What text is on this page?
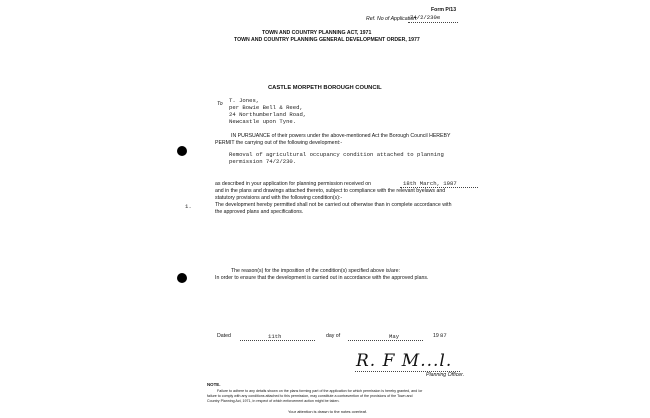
Form P/13
Ref. No of Application:
74/2/230e
TOWN AND COUNTRY PLANNING ACT, 1971
TOWN AND COUNTRY PLANNING GENERAL DEVELOPMENT ORDER, 1977
CASTLE MORPETH BOROUGH COUNCIL
To T. Jones,
per Bowie Bell & Reed,
24 Northumberland Road,
Newcastle upon Tyne.
IN PURSUANCE of their powers under the above-mentioned Act the Borough Council HEREBY
PERMIT the carrying out of the following development:-
Removal of agricultural occupancy condition attached to planning
permission 74/2/230.
as described in your application for planning permission received on	18th March, 1987
and in the plans and drawings attached thereto, subject to compliance with the relevant byelaws and
statutory provisions and with the following condition(s):-
1.	The development hereby permitted shall not be carried out otherwise than in complete accordance with
the approved plans and specifications.
The reason(s) for the imposition of the condition(s) specified above is/are:
In order to ensure that the development is carried out in accordance with the approved plans.
Dated	11th	day of	May	19 87
R. F M...l.
Planning Officer.
NOTE.
Failure to adhere to any details shown on the plans forming part of the application for which permission is hereby granted, and /or
failure to comply with any conditions attached to this permission, may constitute a contravention of the provisions of the Town and
Country Planning Act, 1971, in respect of which enforcement action might be taken.
Your attention is drawn to the notes overleaf.
